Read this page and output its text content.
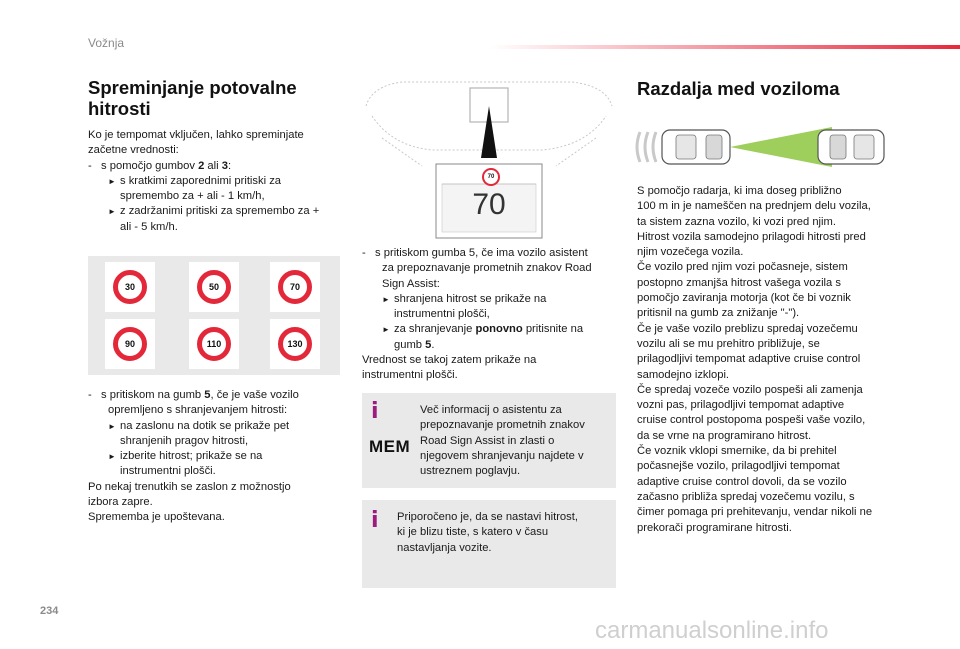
Vožnja
Spreminjanje potovalne
hitrosti
Ko je tempomat vključen, lahko spreminjate
začetne vrednosti:
-   s pomočjo gumbov 2 ali 3:
► s kratkimi zaporednimi pritiski za
spremembo za + ali - 1 km/h,
► z zadržanimi pritiski za spremembo za +
ali - 5 km/h.
30	50	70
90	110	130
-   s pritiskom na gumb 5, če je vaše vozilo
opremljeno s shranjevanjem hitrosti:
► na zaslonu na dotik se prikaže pet
shranjenih pragov hitrosti,
► izberite hitrost; prikaže se na
instrumentni plošči.
Po nekaj trenutkih se zaslon z možnostjo
izbora zapre.
Sprememba je upoštevana.
70
70
-   s pritiskom gumba 5, če ima vozilo asistent
za prepoznavanje prometnih znakov Road
Sign Assist:
► shranjena hitrost se prikaže na
instrumentni plošči,
► za shranjevanje ponovno pritisnite na
gumb 5.
Vrednost se takoj zatem prikaže na
instrumentni plošči.
i
MEM
Več informacij o asistentu za
prepoznavanje prometnih znakov
Road Sign Assist in zlasti o
njegovem shranjevanju najdete v
ustreznem poglavju.
i Priporočeno je, da se nastavi hitrost,
ki je blizu tiste, s katero v času
nastavljanja vozite.
Razdalja med voziloma
S pomočjo radarja, ki ima doseg približno
100 m in je nameščen na prednjem delu vozila,
ta sistem zazna vozilo, ki vozi pred njim.
Hitrost vozila samodejno prilagodi hitrosti pred
njim vozečega vozila.
Če vozilo pred njim vozi počasneje, sistem
postopno zmanjša hitrost vašega vozila s
pomočjo zaviranja motorja (kot če bi voznik
pritisnil na gumb za znižanje "-").
Če je vaše vozilo preblizu spredaj vozečemu
vozilu ali se mu prehitro približuje, se
prilagodljivi tempomat adaptive cruise control
samodejno izklopi.
Če spredaj vozeče vozilo pospeši ali zamenja
vozni pas, prilagodljivi tempomat adaptive
cruise control postopoma pospeši vaše vozilo,
da se vrne na programirano hitrost.
Če voznik vklopi smernike, da bi prehitel
počasnejše vozilo, prilagodljivi tempomat
adaptive cruise control dovoli, da se vozilo
začasno približa spredaj vozečemu vozilu, s
čimer pomaga pri prehitevanju, vendar nikoli ne
prekorači programirane hitrosti.
234
carmanualsonline.info
